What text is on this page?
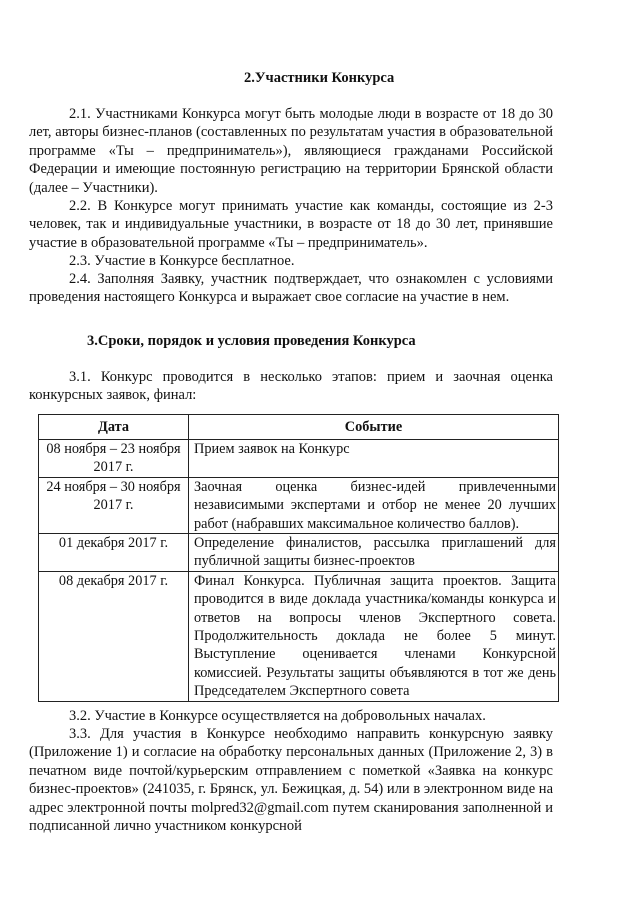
2.Участники Конкурса

2.1. Участниками Конкурса могут быть молодые люди в возрасте от 18 до 30 лет, авторы бизнес-планов (составленных по результатам участия в образовательной программе «Ты – предприниматель»), являющиеся гражданами Российской Федерации и имеющие постоянную регистрацию на территории Брянской области (далее – Участники).

2.2. В Конкурсе могут принимать участие как команды, состоящие из 2-3 человек, так и индивидуальные участники, в возрасте от 18 до 30 лет, принявшие участие в образовательной программе «Ты – предприниматель».

2.3. Участие в Конкурсе бесплатное.

2.4. Заполняя Заявку, участник подтверждает, что ознакомлен с условиями проведения настоящего Конкурса и выражает свое согласие на участие в нем.

3.Сроки, порядок и условия проведения Конкурса

3.1. Конкурс проводится в несколько этапов: прием и заочная оценка конкурсных заявок, финал:

Дата	Событие
08 ноября – 23 ноября 2017 г.	Прием заявок на Конкурс
24 ноября – 30 ноября 2017 г.	Заочная оценка бизнес-идей привлеченными независимыми экспертами и отбор не менее 20 лучших работ (набравших максимальное количество баллов).
01 декабря 2017 г.	Определение финалистов, рассылка приглашений для публичной защиты бизнес-проектов
08 декабря 2017 г.	Финал Конкурса. Публичная защита проектов. Защита проводится в виде доклада участника/команды конкурса и ответов на вопросы членов Экспертного совета. Продолжительность доклада не более 5 минут. Выступление оценивается членами Конкурсной комиссией. Результаты защиты объявляются в тот же день Председателем Экспертного совета

3.2. Участие в Конкурсе осуществляется на добровольных началах.

3.3. Для участия в Конкурсе необходимо направить конкурсную заявку (Приложение 1) и согласие на обработку персональных данных (Приложение 2, 3) в печатном виде почтой/курьерским отправлением с пометкой «Заявка на конкурс бизнес-проектов» (241035, г. Брянск, ул. Бежицкая, д. 54) или в электронном виде на адрес электронной почты molpred32@gmail.com путем сканирования заполненной и подписанной лично участником конкурсной
